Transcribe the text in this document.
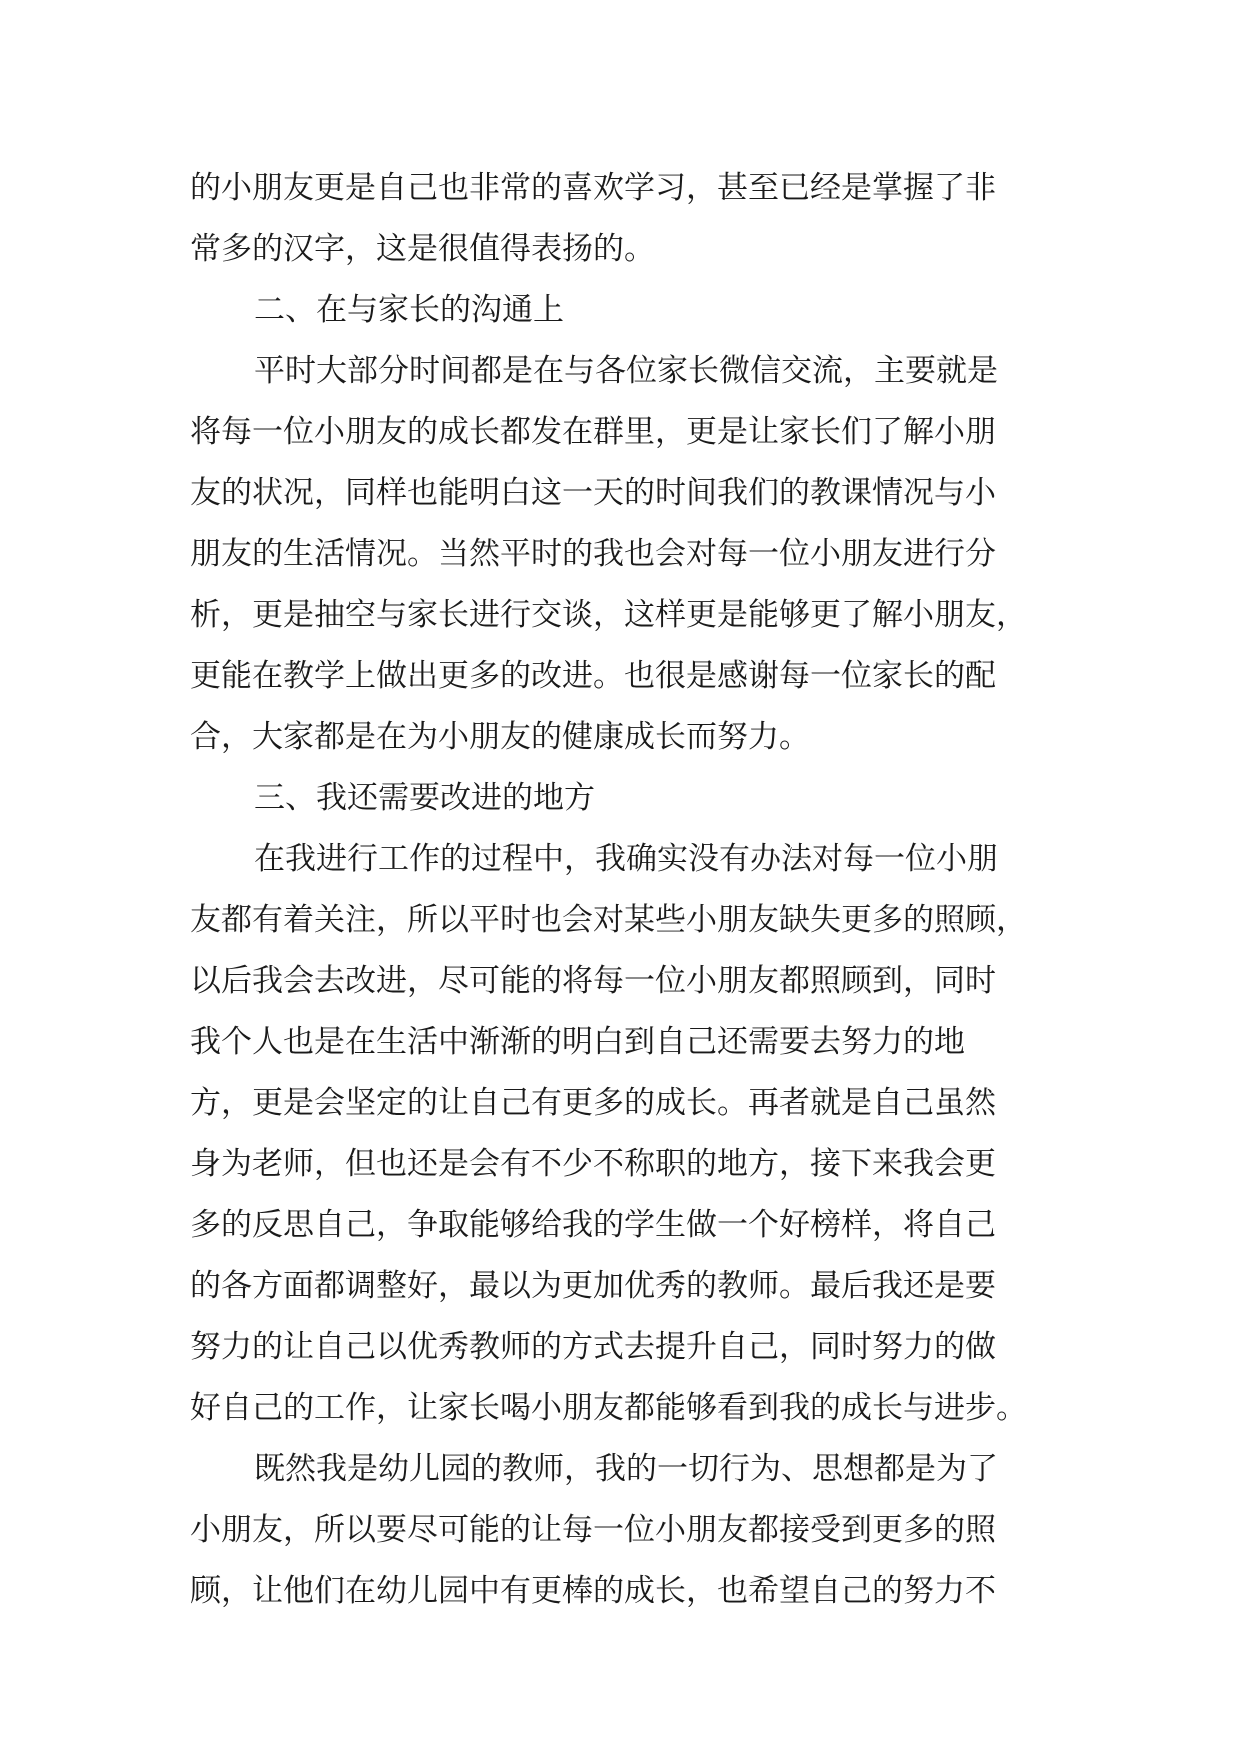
的小朋友更是自己也非常的喜欢学习，甚至已经是掌握了非
常多的汉字，这是很值得表扬的。
二、在与家长的沟通上
平时大部分时间都是在与各位家长微信交流，主要就是
将每一位小朋友的成长都发在群里，更是让家长们了解小朋
友的状况，同样也能明白这一天的时间我们的教课情况与小
朋友的生活情况。当然平时的我也会对每一位小朋友进行分
析，更是抽空与家长进行交谈，这样更是能够更了解小朋友，
更能在教学上做出更多的改进。也很是感谢每一位家长的配
合，大家都是在为小朋友的健康成长而努力。
三、我还需要改进的地方
在我进行工作的过程中，我确实没有办法对每一位小朋
友都有着关注，所以平时也会对某些小朋友缺失更多的照顾，
以后我会去改进，尽可能的将每一位小朋友都照顾到，同时
我个人也是在生活中渐渐的明白到自己还需要去努力的地
方，更是会坚定的让自己有更多的成长。再者就是自己虽然
身为老师，但也还是会有不少不称职的地方，接下来我会更
多的反思自己，争取能够给我的学生做一个好榜样，将自己
的各方面都调整好，最以为更加优秀的教师。最后我还是要
努力的让自己以优秀教师的方式去提升自己，同时努力的做
好自己的工作，让家长喝小朋友都能够看到我的成长与进步。
既然我是幼儿园的教师，我的一切行为、思想都是为了
小朋友，所以要尽可能的让每一位小朋友都接受到更多的照
顾，让他们在幼儿园中有更棒的成长，也希望自己的努力不
